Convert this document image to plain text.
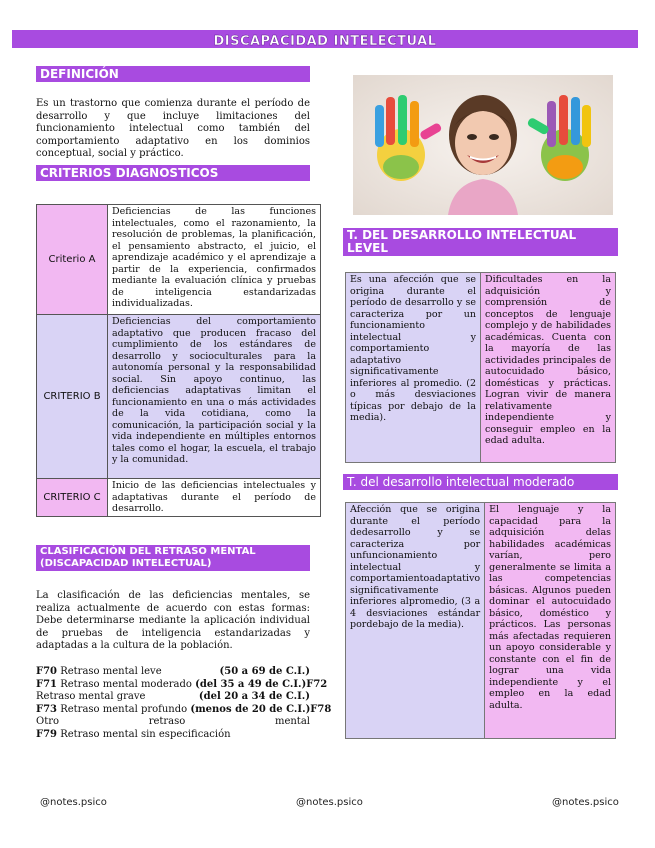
DISCAPACIDAD INTELECTUAL
DEFINICIÓN

Es un trastorno que comienza durante el período de desarrollo y que incluye limitaciones del funcionamiento intelectual como también del comportamiento adaptativo en los dominios conceptual, social y práctico.

CRITERIOS DIAGNOSTICOS
Criterio A	Deficiencias de las funciones intelectuales, como el razonamiento, la resolución de problemas, la planificación, el pensamiento abstracto, el juicio, el aprendizaje académico y el aprendizaje a partir de la experiencia, confirmados mediante la evaluación clínica y pruebas de inteligencia estandarizadas individualizadas.
CRITERIO B	Deficiencias del comportamiento adaptativo que producen fracaso del cumplimiento de los estándares de desarrollo y socioculturales para la autonomía personal y la responsabilidad social. Sin apoyo continuo, las deficiencias adaptativas limitan el funcionamiento en una o más actividades de la vida cotidiana, como la comunicación, la participación social y la vida independiente en múltiples entornos tales como el hogar, la escuela, el trabajo y la comunidad.
CRITERIO C	Inicio de las deficiencias intelectuales y adaptativas durante el período de desarrollo.
CLASIFICACIÓN DEL RETRASO MENTAL
(DISCAPACIDAD INTELECTUAL)

La clasificación de las deficiencias mentales, se realiza actualmente de acuerdo con estas formas: Debe determinarse mediante la aplicación individual de pruebas de inteligencia estandarizadas y adaptadas a la cultura de la población.

F70 Retraso mental leve	(50 a 69 de C.I.)
F71 Retraso mental moderado (del 35 a 49 de C.I.) F72
Retraso mental grave	(del 20 a 34 de C.I.)
F73 Retraso mental profundo (menos de 20 de C.I.) F78
Otro	retraso	mental
F79 Retraso mental sin especificación
T. DEL DESARROLLO INTELECTUAL LEVEL
Es una afección que se origina durante el período de desarrollo y se caracteriza por un funcionamiento intelectual y comportamiento adaptativo significativamente inferiores al promedio. (2 o más desviaciones típicas por debajo de la media).	Dificultades en la adquisición y comprensión de conceptos de lenguaje complejo y de habilidades académicas. Cuenta con la mayoría de las actividades principales de autocuidado básico, domésticas y prácticas. Logran vivir de manera relativamente independiente y conseguir empleo en la edad adulta.
T. del desarrollo intelectual moderado
Afección que se origina durante el período dedesarrollo y se caracteriza por unfuncionamiento intelectual y comportamientoadaptativo significativamente inferiores alpromedio, (3 a 4 desviaciones estándar pordebajo de la media).	El lenguaje y la capacidad para la adquisición delas habilidades académicas varían, pero generalmente se limita a las competencias básicas. Algunos pueden dominar el autocuidado básico, doméstico y prácticos. Las personas más afectadas requieren un apoyo considerable y constante con el fin de lograr una vida independiente y el empleo en la edad adulta.
@notes.psico	@notes.psico	@notes.psico
